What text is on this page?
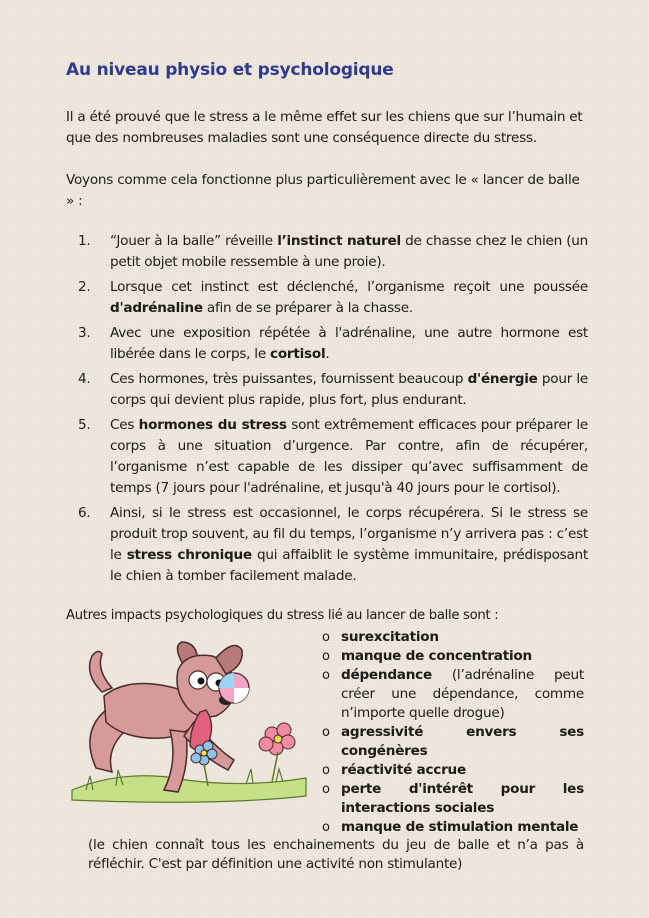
Au niveau physio et psychologique

Il a été prouvé que le stress a le même effet sur les chiens que sur l’humain et que des nombreuses maladies sont une conséquence directe du stress.

Voyons comme cela fonctionne plus particulièrement avec le « lancer de balle » :

1. “Jouer à la balle” réveille l’instinct naturel de chasse chez le chien (un petit objet mobile ressemble à une proie).
2. Lorsque cet instinct est déclenché, l’organisme reçoit une poussée d'adrénaline afin de se préparer à la chasse.
3. Avec une exposition répétée à l'adrénaline, une autre hormone est libérée dans le corps, le cortisol.
4. Ces hormones, très puissantes, fournissent beaucoup d'énergie pour le corps qui devient plus rapide, plus fort, plus endurant.
5. Ces hormones du stress sont extrêmement efficaces pour préparer le corps à une situation d’urgence. Par contre, afin de récupérer, l’organisme n’est capable de les dissiper qu’avec suffisamment de temps (7 jours pour l'adrénaline, et jusqu'à 40 jours pour le cortisol).
6. Ainsi, si le stress est occasionnel, le corps récupérera. Si le stress se produit trop souvent, au fil du temps, l’organisme n’y arrivera pas : c’est le stress chronique qui affaiblit le système immunitaire, prédisposant le chien à tomber facilement malade.

Autres impacts psychologiques du stress lié au lancer de balle sont :

o surexcitation
o manque de concentration
o dépendance (l’adrénaline peut créer une dépendance, comme n’importe quelle drogue)
o agressivité envers ses congénères
o réactivité accrue
o perte d'intérêt pour les interactions sociales
o manque de stimulation mentale

(le chien connaît tous les enchainements du jeu de balle et n’a pas à réfléchir. C'est par définition une activité non stimulante)
